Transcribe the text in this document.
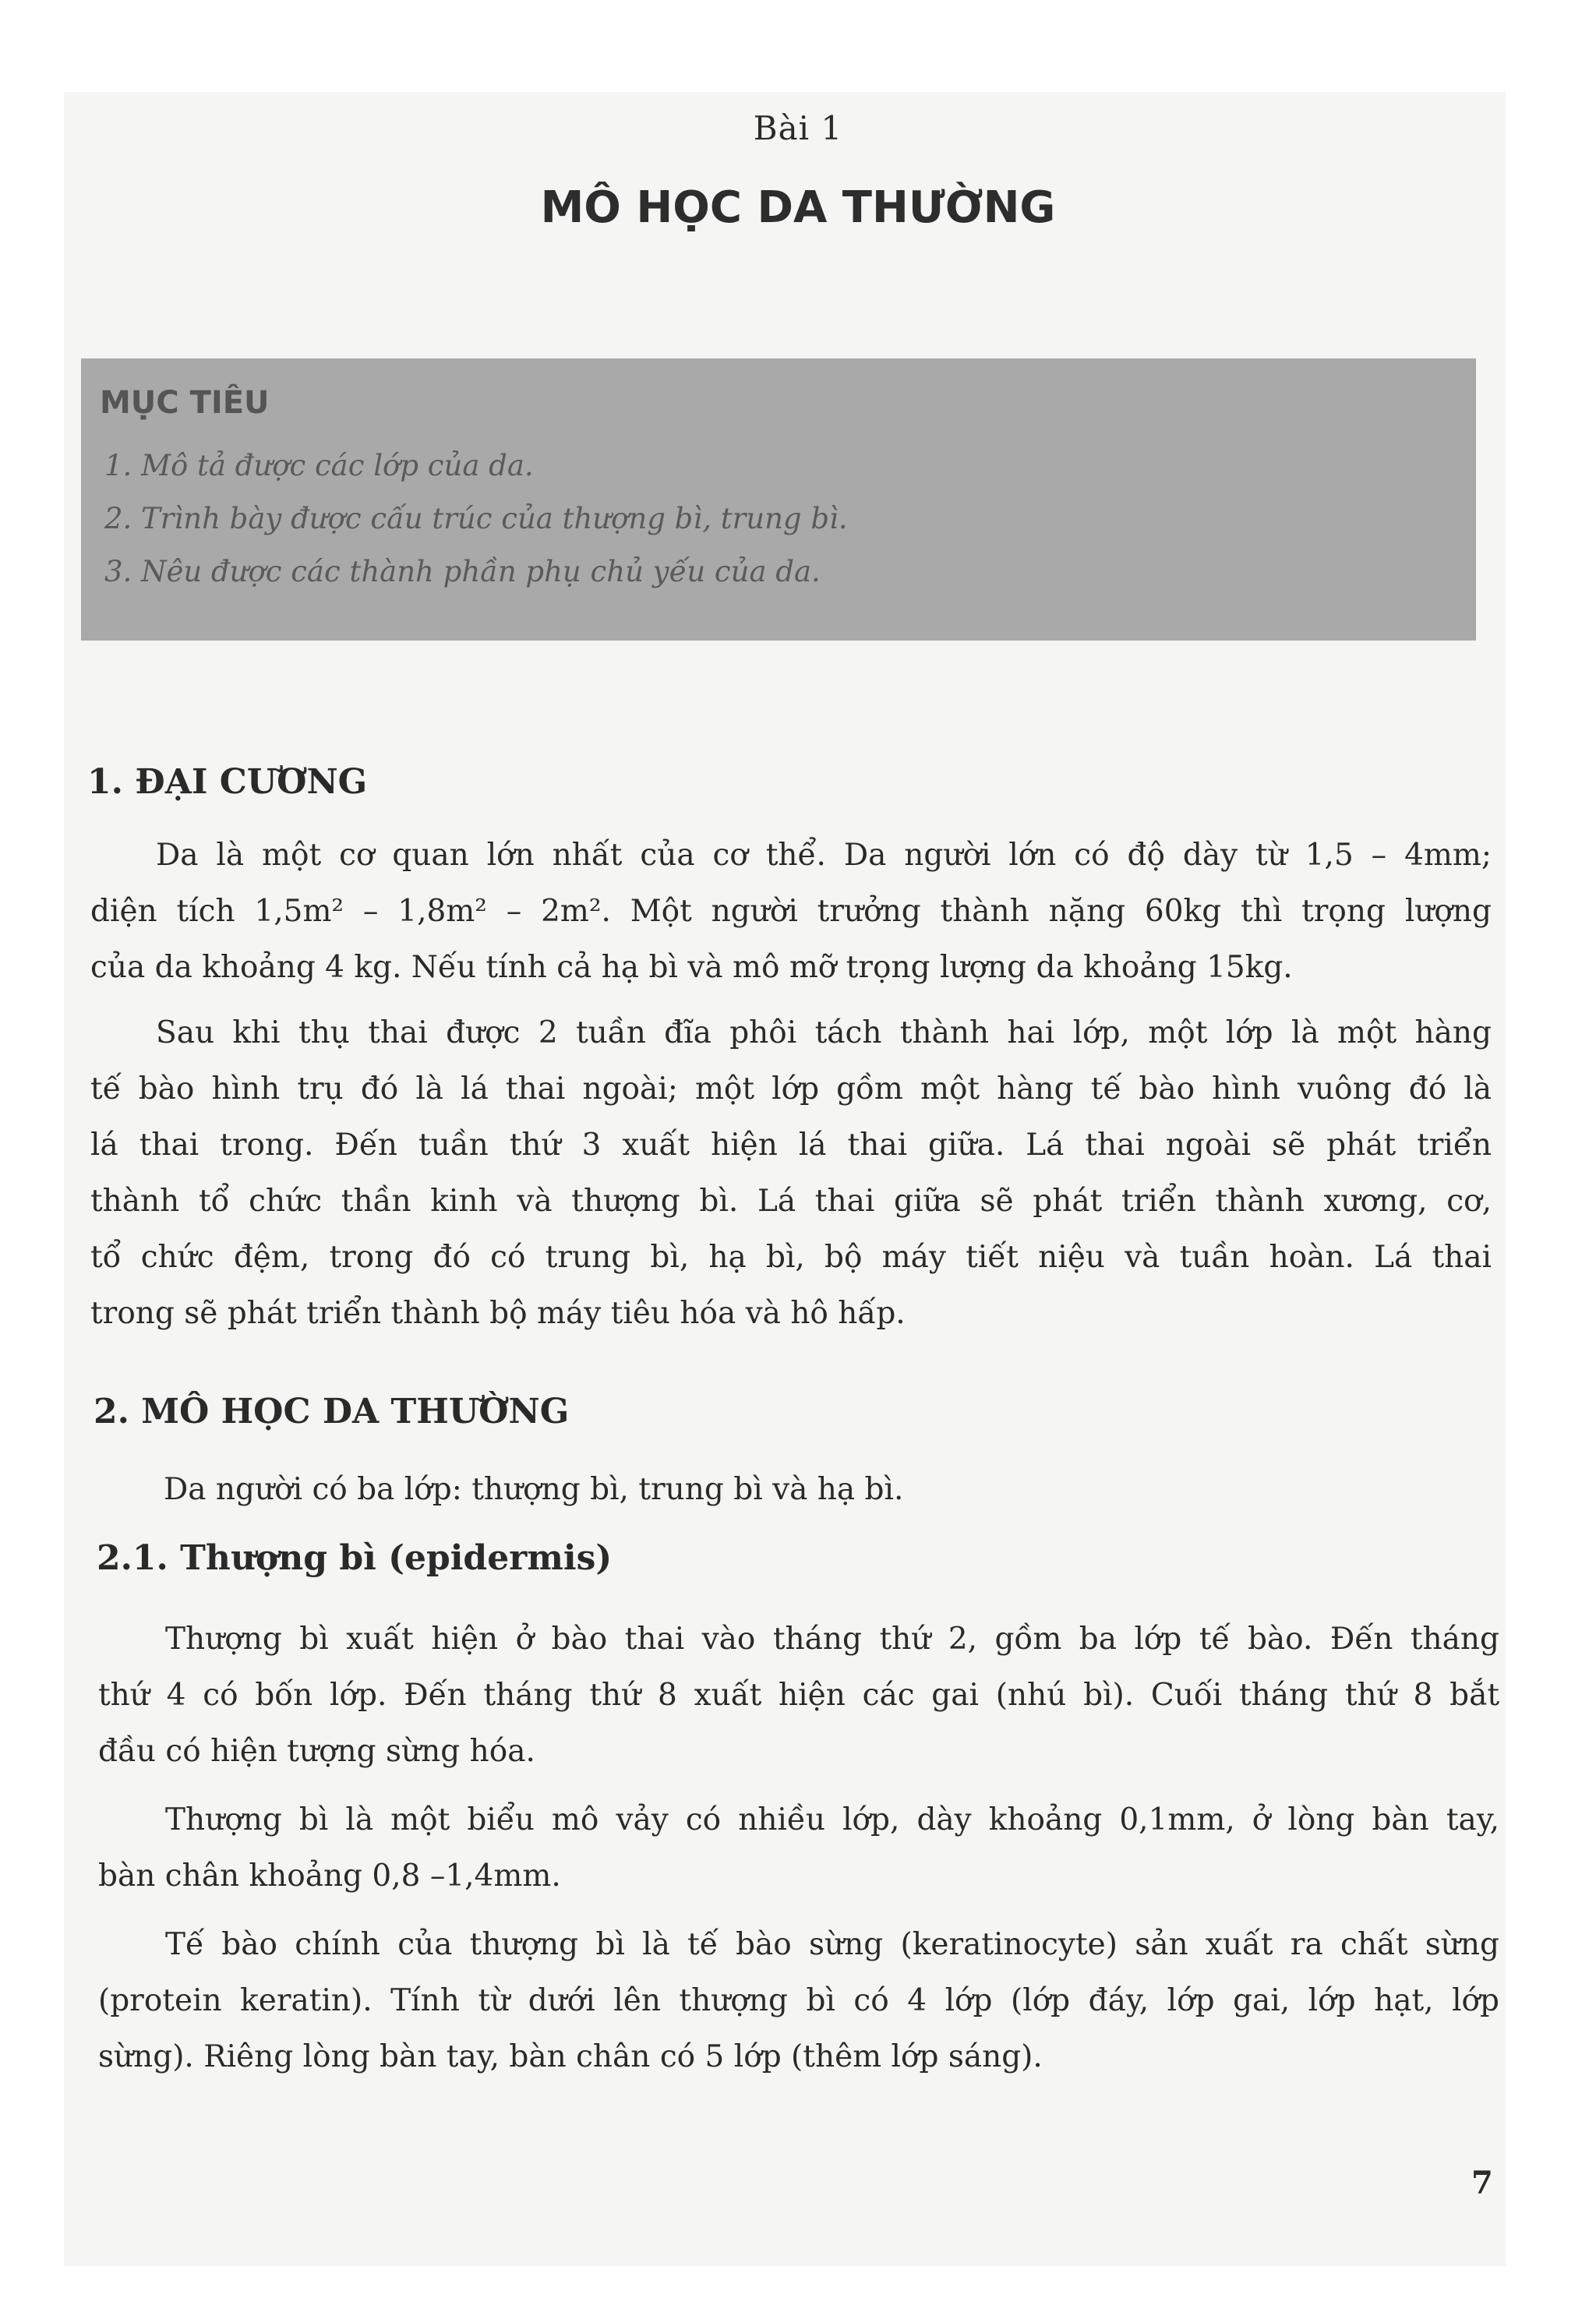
Bài 1
MÔ HỌC DA THƯỜNG
MỤC TIÊU
1. Mô tả được các lớp của da.
2. Trình bày được cấu trúc của thượng bì, trung bì.
3. Nêu được các thành phần phụ chủ yếu của da.
1. ĐẠI CƯƠNG
Da là một cơ quan lớn nhất của cơ thể. Da người lớn có độ dày từ 1,5 – 4mm;
diện tích 1,5m² – 1,8m² – 2m². Một người trưởng thành nặng 60kg thì trọng lượng
của da khoảng 4 kg. Nếu tính cả hạ bì và mô mỡ trọng lượng da khoảng 15kg.
Sau khi thụ thai được 2 tuần đĩa phôi tách thành hai lớp, một lớp là một hàng
tế bào hình trụ đó là lá thai ngoài; một lớp gồm một hàng tế bào hình vuông đó là
lá thai trong. Đến tuần thứ 3 xuất hiện lá thai giữa. Lá thai ngoài sẽ phát triển
thành tổ chức thần kinh và thượng bì. Lá thai giữa sẽ phát triển thành xương, cơ,
tổ chức đệm, trong đó có trung bì, hạ bì, bộ máy tiết niệu và tuần hoàn. Lá thai
trong sẽ phát triển thành bộ máy tiêu hóa và hô hấp.
2. MÔ HỌC DA THƯỜNG
Da người có ba lớp: thượng bì, trung bì và hạ bì.
2.1. Thượng bì (epidermis)
Thượng bì xuất hiện ở bào thai vào tháng thứ 2, gồm ba lớp tế bào. Đến tháng
thứ 4 có bốn lớp. Đến tháng thứ 8 xuất hiện các gai (nhú bì). Cuối tháng thứ 8 bắt
đầu có hiện tượng sừng hóa.
Thượng bì là một biểu mô vảy có nhiều lớp, dày khoảng 0,1mm, ở lòng bàn tay,
bàn chân khoảng 0,8 –1,4mm.
Tế bào chính của thượng bì là tế bào sừng (keratinocyte) sản xuất ra chất sừng
(protein keratin). Tính từ dưới lên thượng bì có 4 lớp (lớp đáy, lớp gai, lớp hạt, lớp
sừng). Riêng lòng bàn tay, bàn chân có 5 lớp (thêm lớp sáng).
7
